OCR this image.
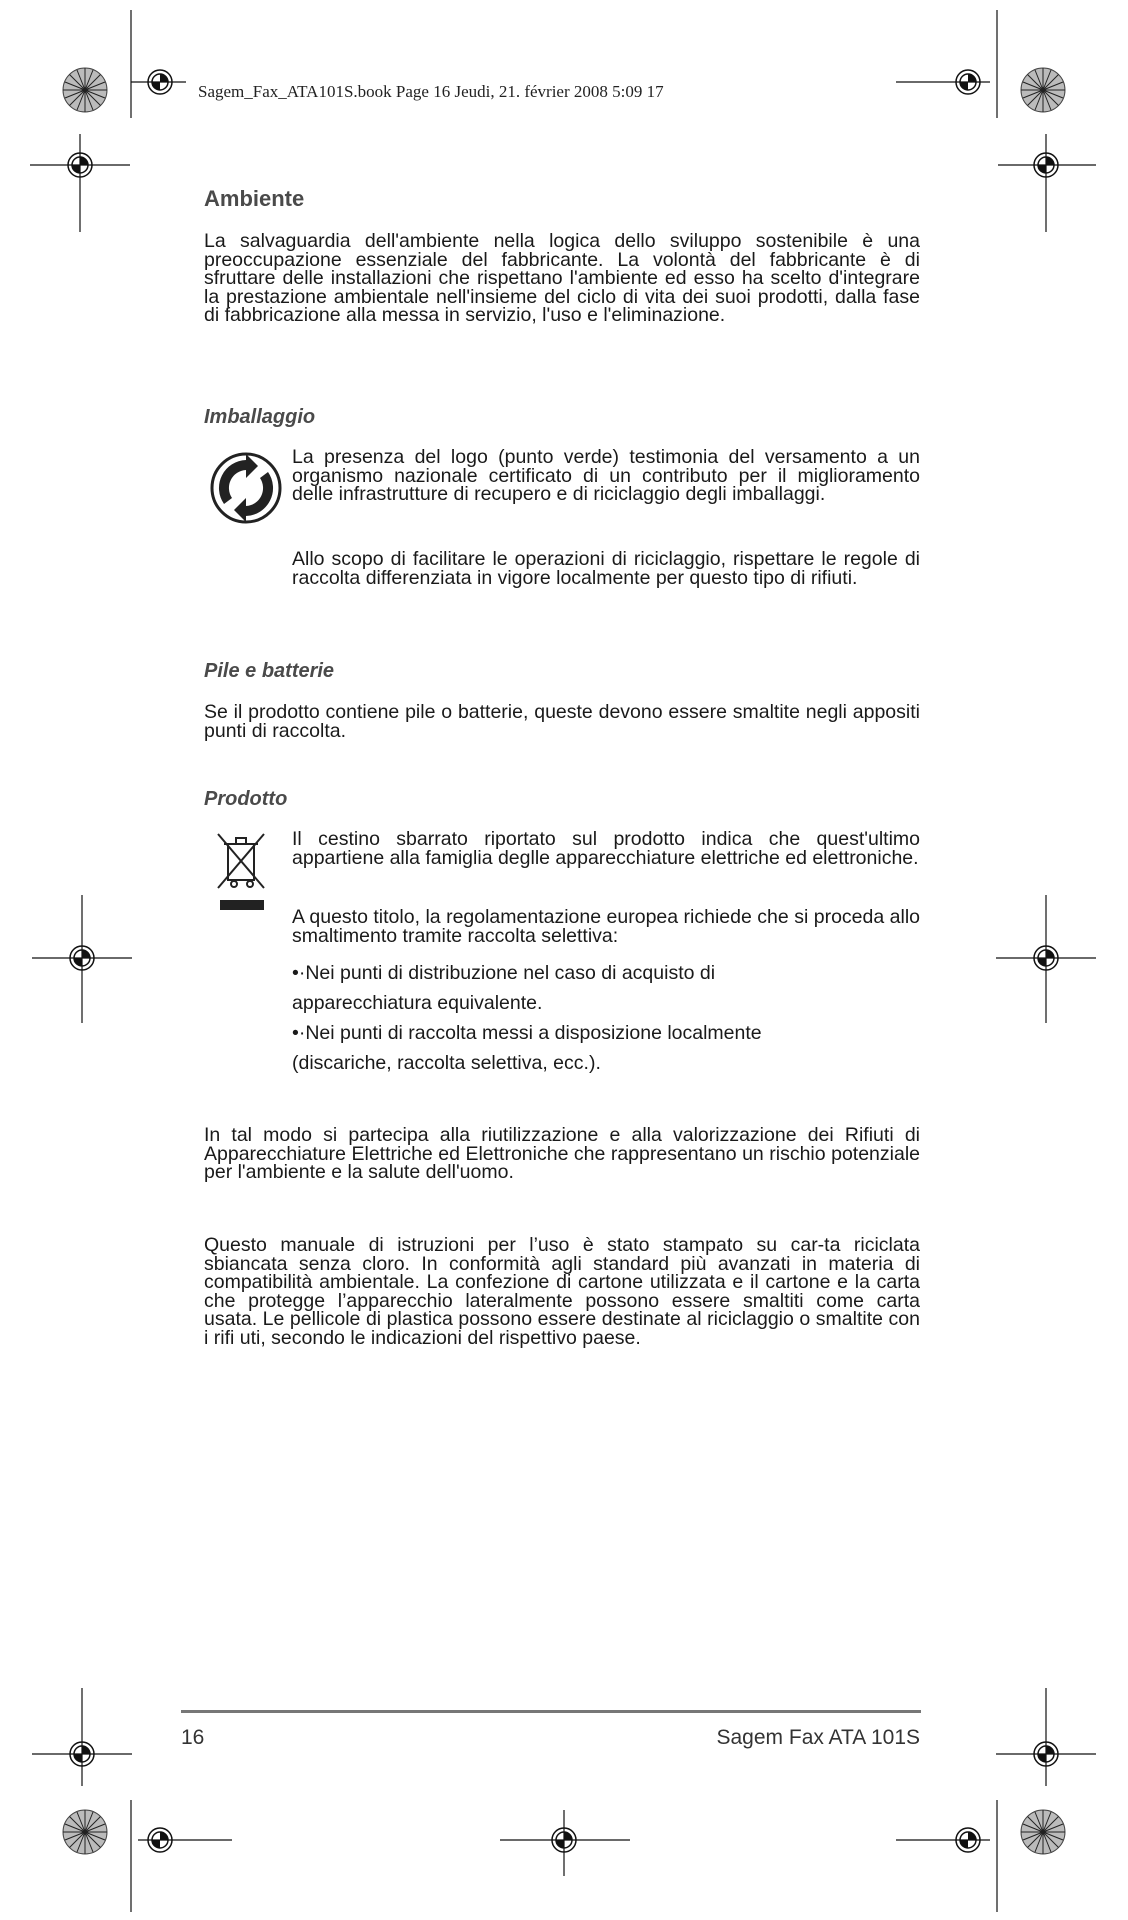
Sagem_Fax_ATA101S.book Page 16 Jeudi, 21. février 2008 5:09 17
Ambiente

La salvaguardia dell'ambiente nella logica dello sviluppo sostenibile è una preoccupazione essenziale del fabbricante. La volontà del fabbricante è di sfruttare delle installazioni che rispettano l'ambiente ed esso ha scelto d'integrare la prestazione ambientale nell'insieme del ciclo di vita dei suoi prodotti, dalla fase di fabbricazione alla messa in servizio, l'uso e l'eliminazione.

Imballaggio

La presenza del logo (punto verde) testimonia del versamento a un organismo nazionale certificato di un contributo per il miglioramento delle infrastrutture di recupero e di riciclaggio degli imballaggi.

Allo scopo di facilitare le operazioni di riciclaggio, rispettare le regole di raccolta differenziata in vigore localmente per questo tipo di rifiuti.

Pile e batterie

Se il prodotto contiene pile o batterie, queste devono essere smaltite negli appositi punti di raccolta.

Prodotto

Il cestino sbarrato riportato sul prodotto indica che quest'ultimo appartiene alla famiglia deglle apparecchiature elettriche ed elettroniche.

A questo titolo, la regolamentazione europea richiede che si proceda allo smaltimento tramite raccolta selettiva:

•·Nei punti di distribuzione nel caso di acquisto di apparecchiatura equivalente.

•·Nei punti di raccolta messi a disposizione localmente (discariche, raccolta selettiva, ecc.).

In tal modo si partecipa alla riutilizzazione e alla valorizzazione dei Rifiuti di Apparecchiature Elettriche ed Elettroniche che rappresentano un rischio potenziale per l'ambiente e la salute dell'uomo.

Questo manuale di istruzioni per l’uso è stato stampato su car-ta riciclata sbiancata senza cloro. In conformità agli standard più avanzati in materia di compatibilità ambientale. La confezione di cartone utilizzata e il cartone e la carta che protegge l’apparecchio lateralmente possono essere smaltiti come carta usata. Le pellicole di plastica possono essere destinate al riciclaggio o smaltite con i rifi uti, secondo le indicazioni del rispettivo paese.

16	Sagem Fax ATA 101S
